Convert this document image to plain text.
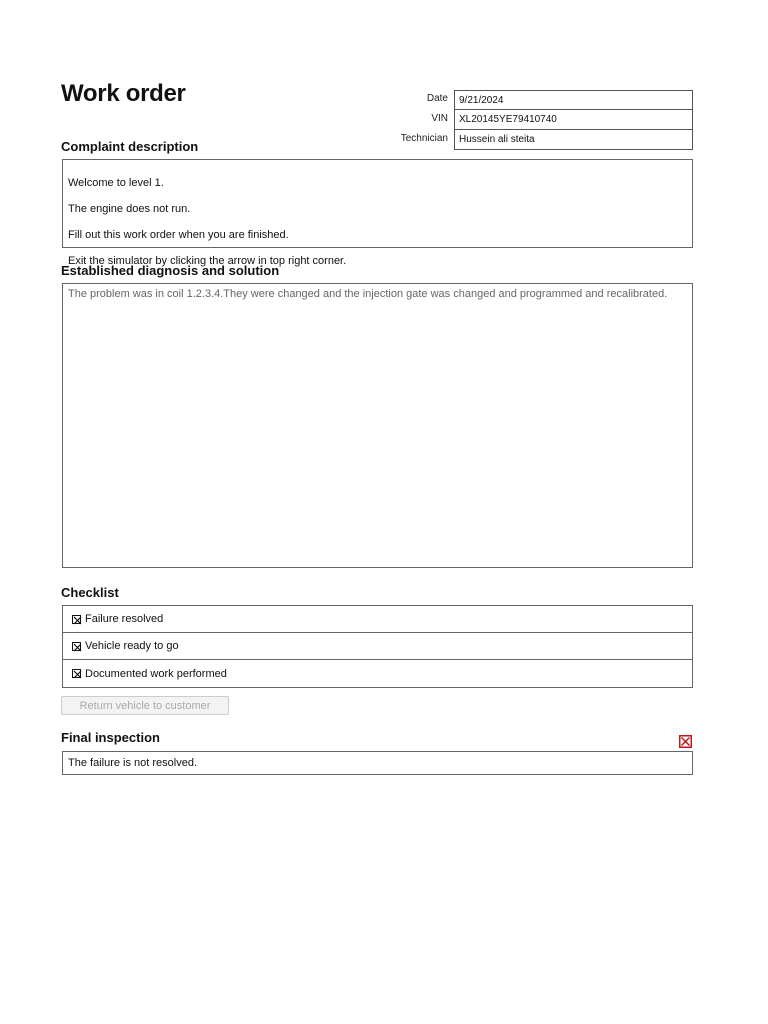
Work order	Date	9/21/2024
VIN	XL20145YE79410740
Technician	Hussein ali steita
Complaint description

Welcome to level 1.

The engine does not run.

Fill out this work order when you are finished.

Exit the simulator by clicking the arrow in top right corner.

Established diagnosis and solution
The problem was in coil 1.2.3.4.They were changed and the injection gate was changed and programmed and recalibrated.
Checklist
Failure resolved
Vehicle ready to go
Documented work performed
Return vehicle to customer
Final inspection
The failure is not resolved.
